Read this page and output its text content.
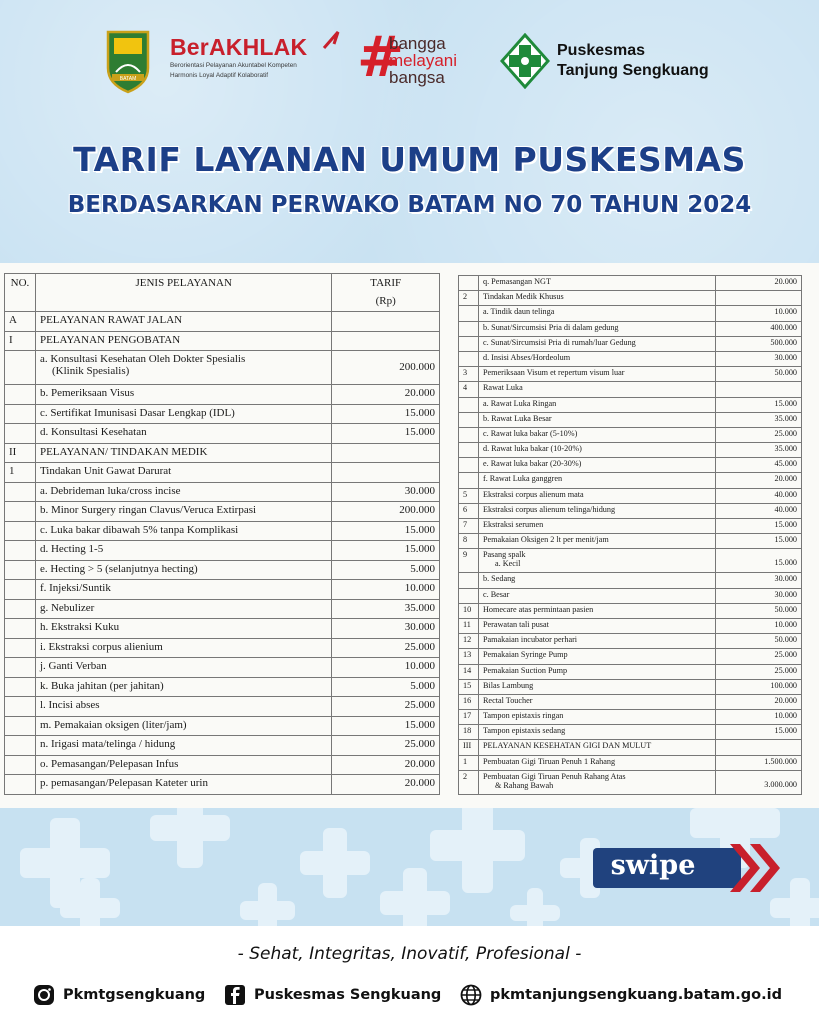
BATAM
BerAKHLAK
Berorientasi Pelayanan Akuntabel Kompeten
Harmonis Loyal Adaptif Kolaboratif	#
bangga
melayani
bangsa
Puskesmas
Tanjung Sengkuang
TARIF LAYANAN UMUM PUSKESMAS
BERDASARKAN PERWAKO BATAM NO 70 TAHUN 2024
NO.	JENIS PELAYANAN	TARIF
(Rp)

A	PELAYANAN RAWAT JALAN	

I	PELAYANAN PENGOBATAN	

	a. Konsultasi Kesehatan Oleh Dokter Spesialis
(Klinik Spesialis)	200.000

	b. Pemeriksaan Visus	20.000

	c. Sertifikat Imunisasi Dasar Lengkap (IDL)	15.000

	d. Konsultasi Kesehatan	15.000
II	PELAYANAN/ TINDAKAN MEDIK	

1	Tindakan Unit Gawat Darurat	

	a. Debrideman luka/cross incise	30.000

	b. Minor Surgery ringan Clavus/Veruca Extirpasi	200.000

	c. Luka bakar dibawah 5% tanpa Komplikasi	15.000

	d. Hecting 1-5	15.000

	e. Hecting > 5 (selanjutnya hecting)	5.000

	f. Injeksi/Suntik	10.000

	g. Nebulizer	35.000

	h. Ekstraksi Kuku	30.000

	i. Ekstraksi corpus alienium	25.000

	j. Ganti Verban	10.000

	k. Buka jahitan (per jahitan)	5.000

	l. Incisi abses	25.000

	m. Pemakaian oksigen (liter/jam)	15.000

	n. Irigasi mata/telinga / hidung	25.000

	o. Pemasangan/Pelepasan Infus	20.000

	p. pemasangan/Pelepasan Kateter urin	20.000

	q. Pemasangan NGT	20.000
2	Tindakan Medik Khusus	

	a. Tindik daun telinga	10.000

	b. Sunat/Sircumsisi Pria di dalam gedung	400.000

	c. Sunat/Sircumsisi Pria di rumah/luar Gedung	500.000

	d. Insisi Abses/Hordeolum	30.000
3	Pemeriksaan Visum et repertum visum luar	50.000
4	Rawat Luka	

	a. Rawat Luka Ringan	15.000

	b. Rawat Luka Besar	35.000

	c. Rawat luka bakar (5-10%)	25.000

	d. Rawat luka bakar (10-20%)	35.000

	e. Rawat luka bakar (20-30%)	45.000

	f. Rawat Luka ganggren	20.000
5	Ekstraksi corpus alienum mata	40.000
6	Ekstraksi corpus alienum telinga/hidung	40.000
7	Ekstraksi serumen	15.000
8	Pemakaian Oksigen 2 lt per menit/jam	15.000
9	Pasang spalk
a. Kecil	15.000

	b. Sedang	30.000

	c. Besar	30.000
10	Homecare atas permintaan pasien	50.000
11	Perawatan tali pusat	10.000
12	Pamakaian incubator perhari	50.000
13	Pemakaian Syringe Pump	25.000
14	Pemakaian Suction Pump	25.000
15	Bilas Lambung	100.000
16	Rectal Toucher	20.000
17	Tampon epistaxis ringan	10.000
18	Tampon epistaxis sedang	15.000
III	PELAYANAN KESEHATAN GIGI DAN MULUT	

1	Pembuatan Gigi Tiruan Penuh 1 Rahang	1.500.000
2	Pembuatan Gigi Tiruan Penuh Rahang Atas
& Rahang Bawah	3.000.000
swipe
- Sehat, Integritas, Inovatif, Profesional -
Pkmtgsengkuang	Puskesmas Sengkuang	pkmtanjungsengkuang.batam.go.id
